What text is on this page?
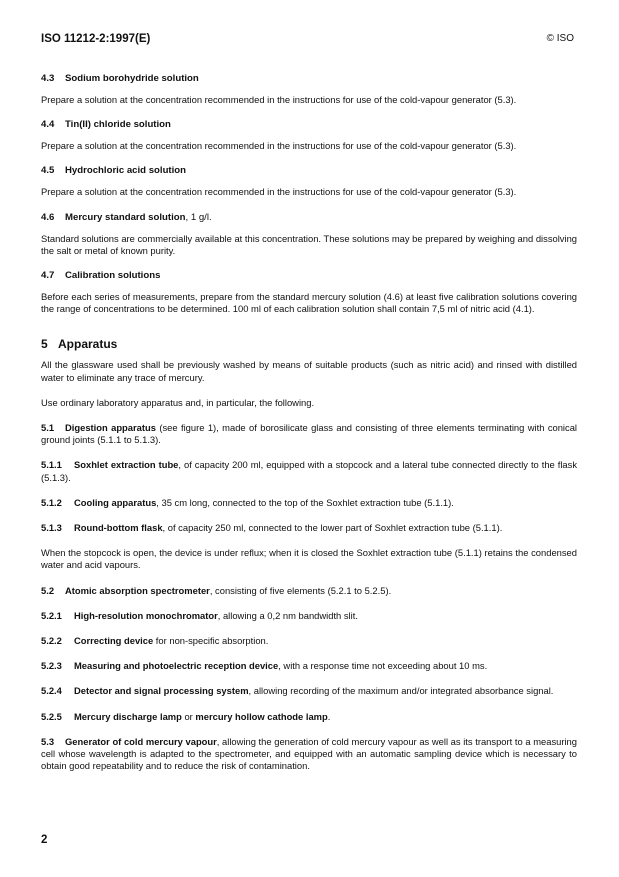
ISO 11212-2:1997(E)	© ISO
4.3 Sodium borohydride solution
Prepare a solution at the concentration recommended in the instructions for use of the cold-vapour generator (5.3).
4.4 Tin(II) chloride solution
Prepare a solution at the concentration recommended in the instructions for use of the cold-vapour generator (5.3).
4.5 Hydrochloric acid solution
Prepare a solution at the concentration recommended in the instructions for use of the cold-vapour generator (5.3).
4.6 Mercury standard solution, 1 g/l.
Standard solutions are commercially available at this concentration. These solutions may be prepared by weighing and dissolving the salt or metal of known purity.
4.7 Calibration solutions
Before each series of measurements, prepare from the standard mercury solution (4.6) at least five calibration solutions covering the range of concentrations to be determined. 100 ml of each calibration solution shall contain 7,5 ml of nitric acid (4.1).
5 Apparatus
All the glassware used shall be previously washed by means of suitable products (such as nitric acid) and rinsed with distilled water to eliminate any trace of mercury.
Use ordinary laboratory apparatus and, in particular, the following.
5.1 Digestion apparatus (see figure 1), made of borosilicate glass and consisting of three elements terminating with conical ground joints (5.1.1 to 5.1.3).
5.1.1 Soxhlet extraction tube, of capacity 200 ml, equipped with a stopcock and a lateral tube connected directly to the flask (5.1.3).
5.1.2 Cooling apparatus, 35 cm long, connected to the top of the Soxhlet extraction tube (5.1.1).
5.1.3 Round-bottom flask, of capacity 250 ml, connected to the lower part of Soxhlet extraction tube (5.1.1).
When the stopcock is open, the device is under reflux; when it is closed the Soxhlet extraction tube (5.1.1) retains the condensed water and acid vapours.
5.2 Atomic absorption spectrometer, consisting of five elements (5.2.1 to 5.2.5).
5.2.1 High-resolution monochromator, allowing a 0,2 nm bandwidth slit.
5.2.2 Correcting device for non-specific absorption.
5.2.3 Measuring and photoelectric reception device, with a response time not exceeding about 10 ms.
5.2.4 Detector and signal processing system, allowing recording of the maximum and/or integrated absorbance signal.
5.2.5 Mercury discharge lamp or mercury hollow cathode lamp.
5.3 Generator of cold mercury vapour, allowing the generation of cold mercury vapour as well as its transport to a measuring cell whose wavelength is adapted to the spectrometer, and equipped with an automatic sampling device which is necessary to obtain good repeatability and to reduce the risk of contamination.
2
